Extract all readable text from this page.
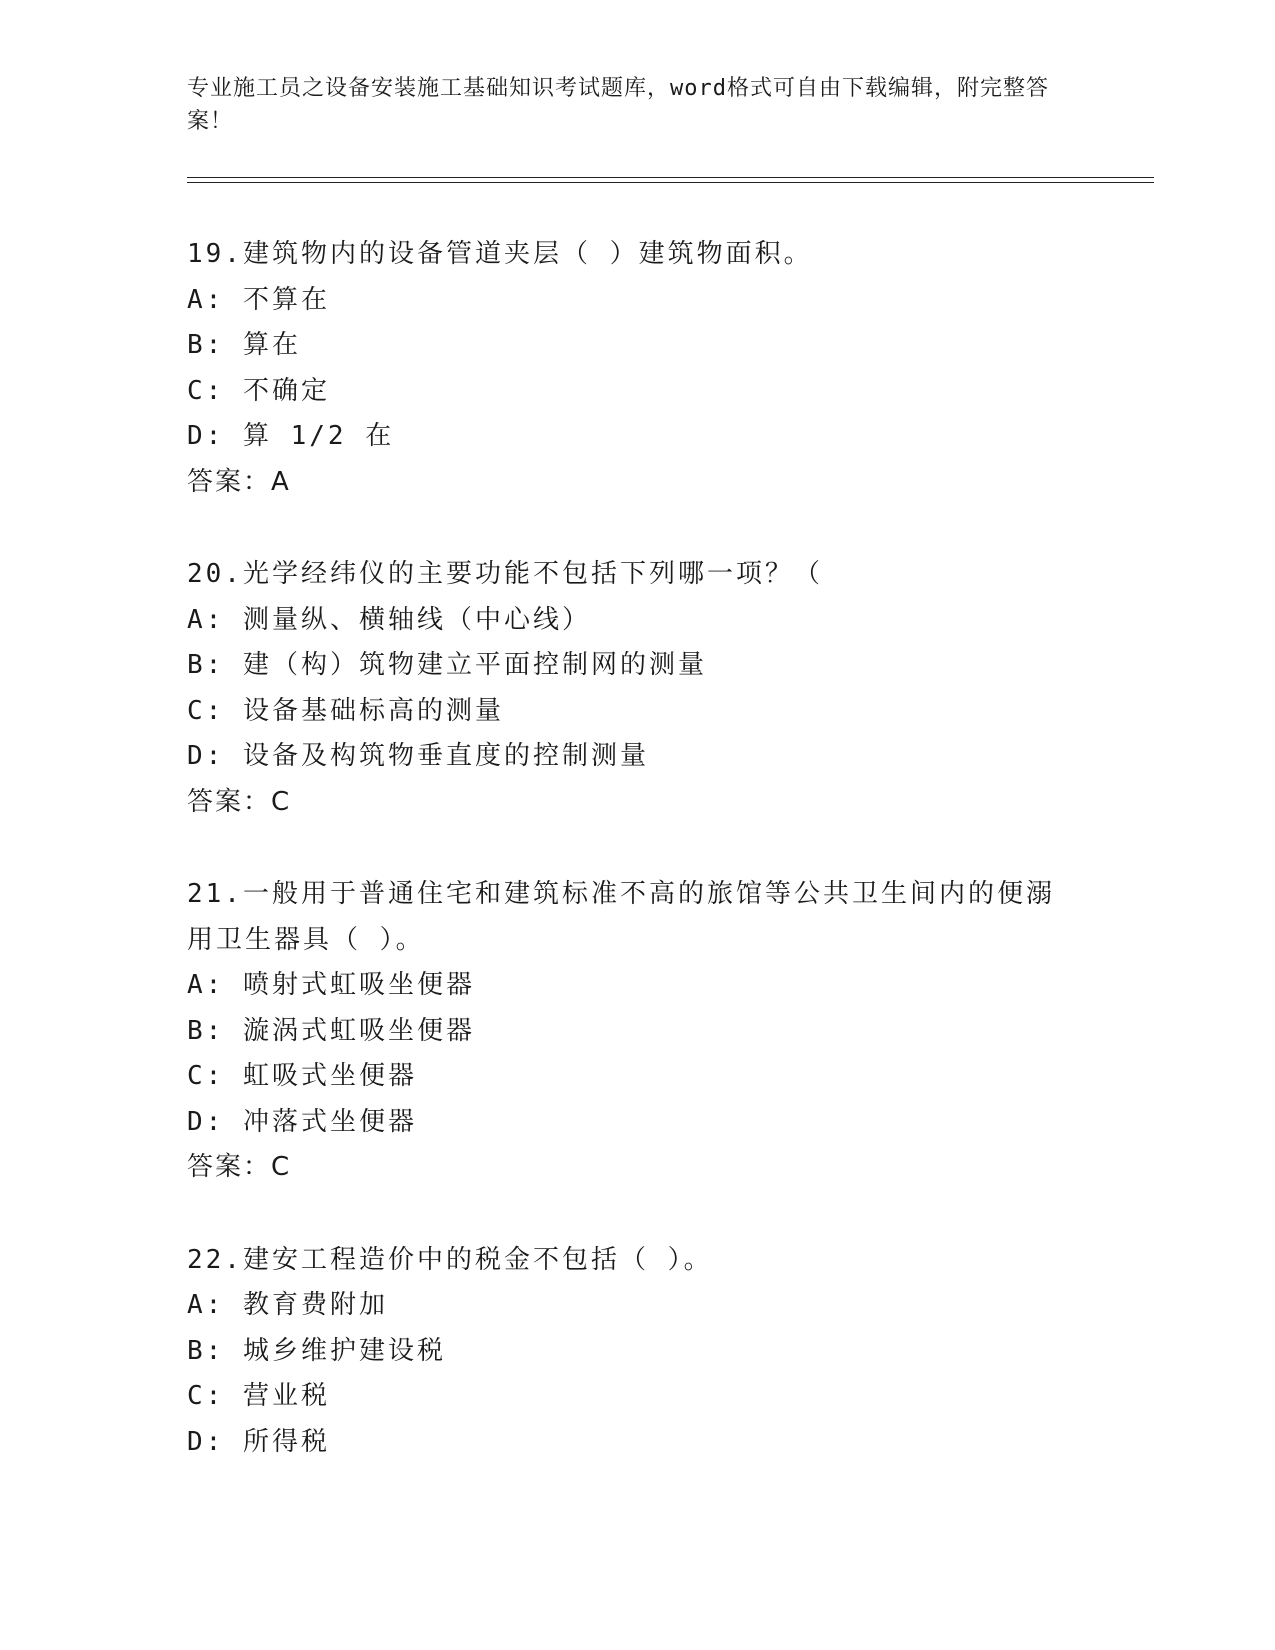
专业施工员之设备安装施工基础知识考试题库，word格式可自由下载编辑，附完整答案！

19.建筑物内的设备管道夹层（ ）建筑物面积。

A: 不算在

B: 算在

C: 不确定

D: 算 1/2 在

答案：A

20.光学经纬仪的主要功能不包括下列哪一项？（

A: 测量纵、横轴线（中心线）

B: 建（构）筑物建立平面控制网的测量

C: 设备基础标高的测量

D: 设备及构筑物垂直度的控制测量

答案：C

21.一般用于普通住宅和建筑标准不高的旅馆等公共卫生间内的便溺用卫生器具（ ）。

A: 喷射式虹吸坐便器

B: 漩涡式虹吸坐便器

C: 虹吸式坐便器

D: 冲落式坐便器

答案：C

22.建安工程造价中的税金不包括（ ）。

A: 教育费附加

B: 城乡维护建设税

C: 营业税

D: 所得税
